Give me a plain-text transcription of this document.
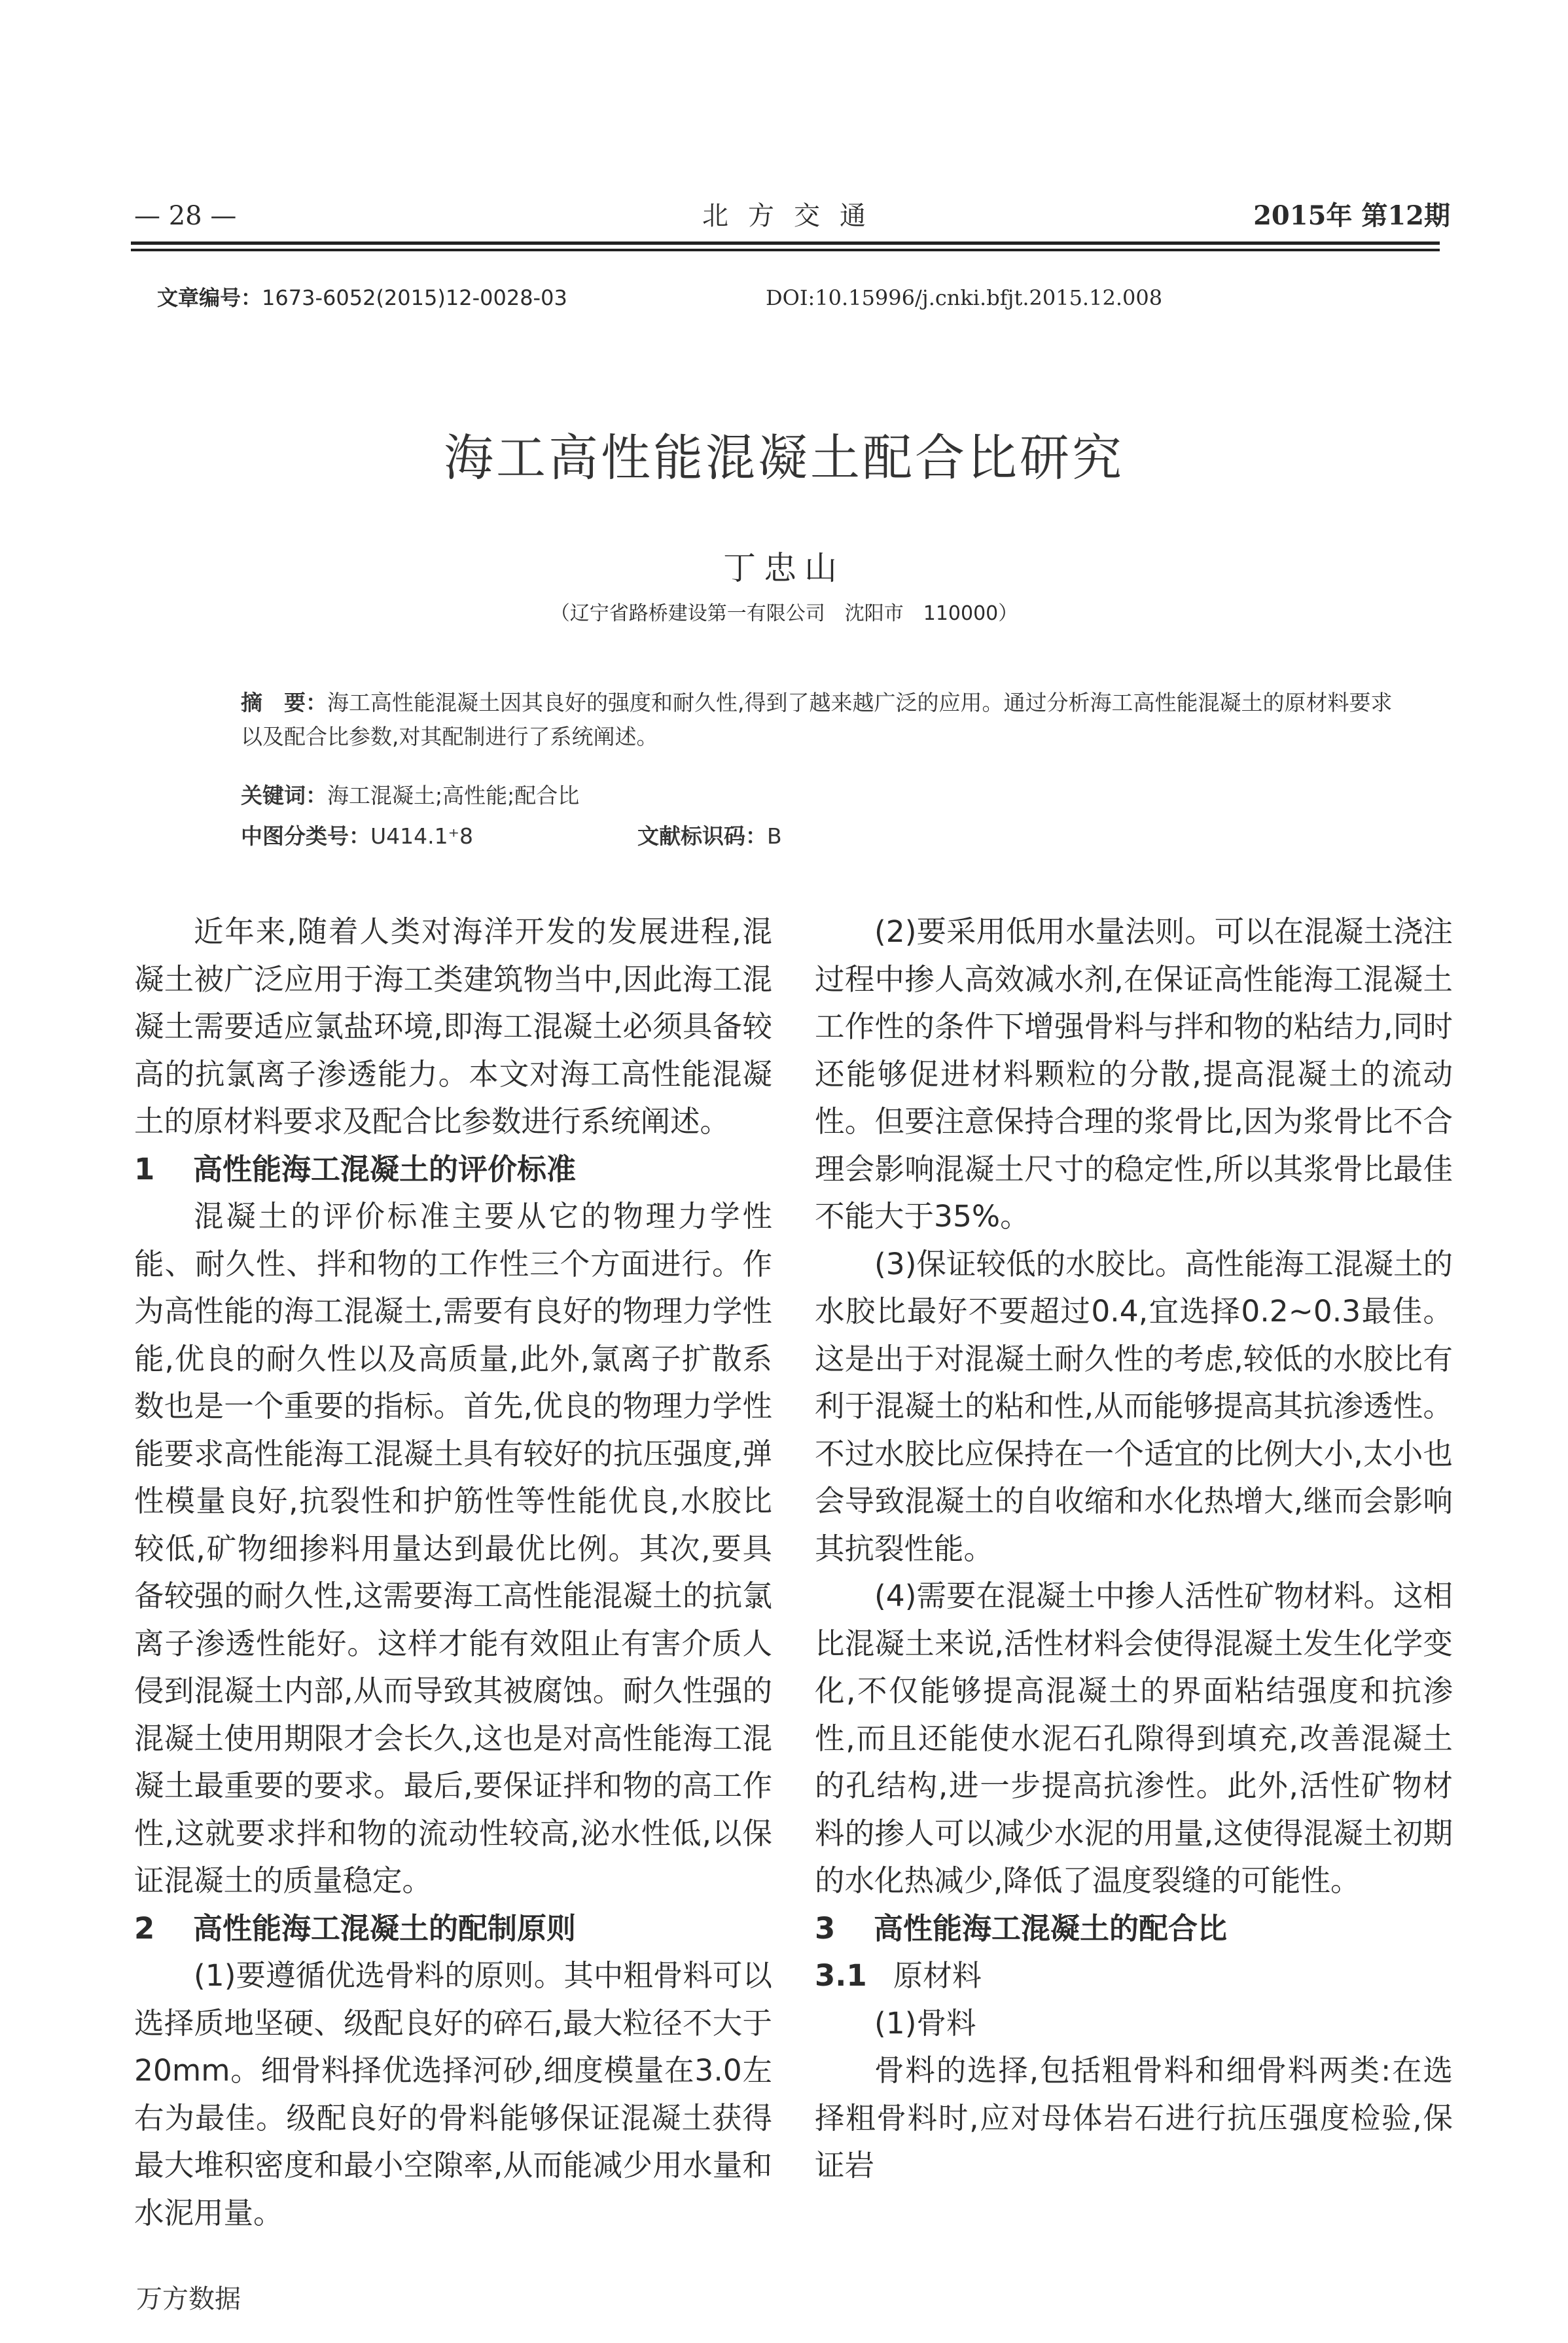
— 28 —	北方交通	2015年 第12期
文章编号：1673-6052(2015)12-0028-03	DOI:10.15996/j.cnki.bfjt.2015.12.008
海工高性能混凝土配合比研究
丁忠山
（辽宁省路桥建设第一有限公司　沈阳市　110000）
摘　要：海工高性能混凝土因其良好的强度和耐久性,得到了越来越广泛的应用。通过分析海工高性能混凝土的原材料要求以及配合比参数,对其配制进行了系统阐述。
关键词：海工混凝土;高性能;配合比
中图分类号：U414.1⁺8	文献标识码：B

近年来,随着人类对海洋开发的发展进程,混凝土被广泛应用于海工类建筑物当中,因此海工混凝土需要适应氯盐环境,即海工混凝土必须具备较高的抗氯离子渗透能力。本文对海工高性能混凝土的原材料要求及配合比参数进行系统阐述。

1 高性能海工混凝土的评价标准

混凝土的评价标准主要从它的物理力学性能、耐久性、拌和物的工作性三个方面进行。作为高性能的海工混凝土,需要有良好的物理力学性能,优良的耐久性以及高质量,此外,氯离子扩散系数也是一个重要的指标。首先,优良的物理力学性能要求高性能海工混凝土具有较好的抗压强度,弹性模量良好,抗裂性和护筋性等性能优良,水胶比较低,矿物细掺料用量达到最优比例。其次,要具备较强的耐久性,这需要海工高性能混凝土的抗氯离子渗透性能好。这样才能有效阻止有害介质人侵到混凝土内部,从而导致其被腐蚀。耐久性强的混凝土使用期限才会长久,这也是对高性能海工混凝土最重要的要求。最后,要保证拌和物的高工作性,这就要求拌和物的流动性较高,泌水性低,以保证混凝土的质量稳定。

2 高性能海工混凝土的配制原则

(1)要遵循优选骨料的原则。其中粗骨料可以选择质地坚硬、级配良好的碎石,最大粒径不大于20mm。细骨料择优选择河砂,细度模量在3.0左右为最佳。级配良好的骨料能够保证混凝土获得最大堆积密度和最小空隙率,从而能减少用水量和水泥用量。

(2)要采用低用水量法则。可以在混凝土浇注过程中掺人高效减水剂,在保证高性能海工混凝土工作性的条件下增强骨料与拌和物的粘结力,同时还能够促进材料颗粒的分散,提高混凝土的流动性。但要注意保持合理的浆骨比,因为浆骨比不合理会影响混凝土尺寸的稳定性,所以其浆骨比最佳不能大于35%。

(3)保证较低的水胶比。高性能海工混凝土的水胶比最好不要超过0.4,宜选择0.2~0.3最佳。这是出于对混凝土耐久性的考虑,较低的水胶比有利于混凝土的粘和性,从而能够提高其抗渗透性。不过水胶比应保持在一个适宜的比例大小,太小也会导致混凝土的自收缩和水化热增大,继而会影响其抗裂性能。

(4)需要在混凝土中掺人活性矿物材料。这相比混凝土来说,活性材料会使得混凝土发生化学变化,不仅能够提高混凝土的界面粘结强度和抗渗性,而且还能使水泥石孔隙得到填充,改善混凝土的孔结构,进一步提高抗渗性。此外,活性矿物材料的掺人可以减少水泥的用量,这使得混凝土初期的水化热减少,降低了温度裂缝的可能性。

3 高性能海工混凝土的配合比
3.1 原材料

(1)骨料

骨料的选择,包括粗骨料和细骨料两类:在选择粗骨料时,应对母体岩石进行抗压强度检验,保证岩

万方数据
